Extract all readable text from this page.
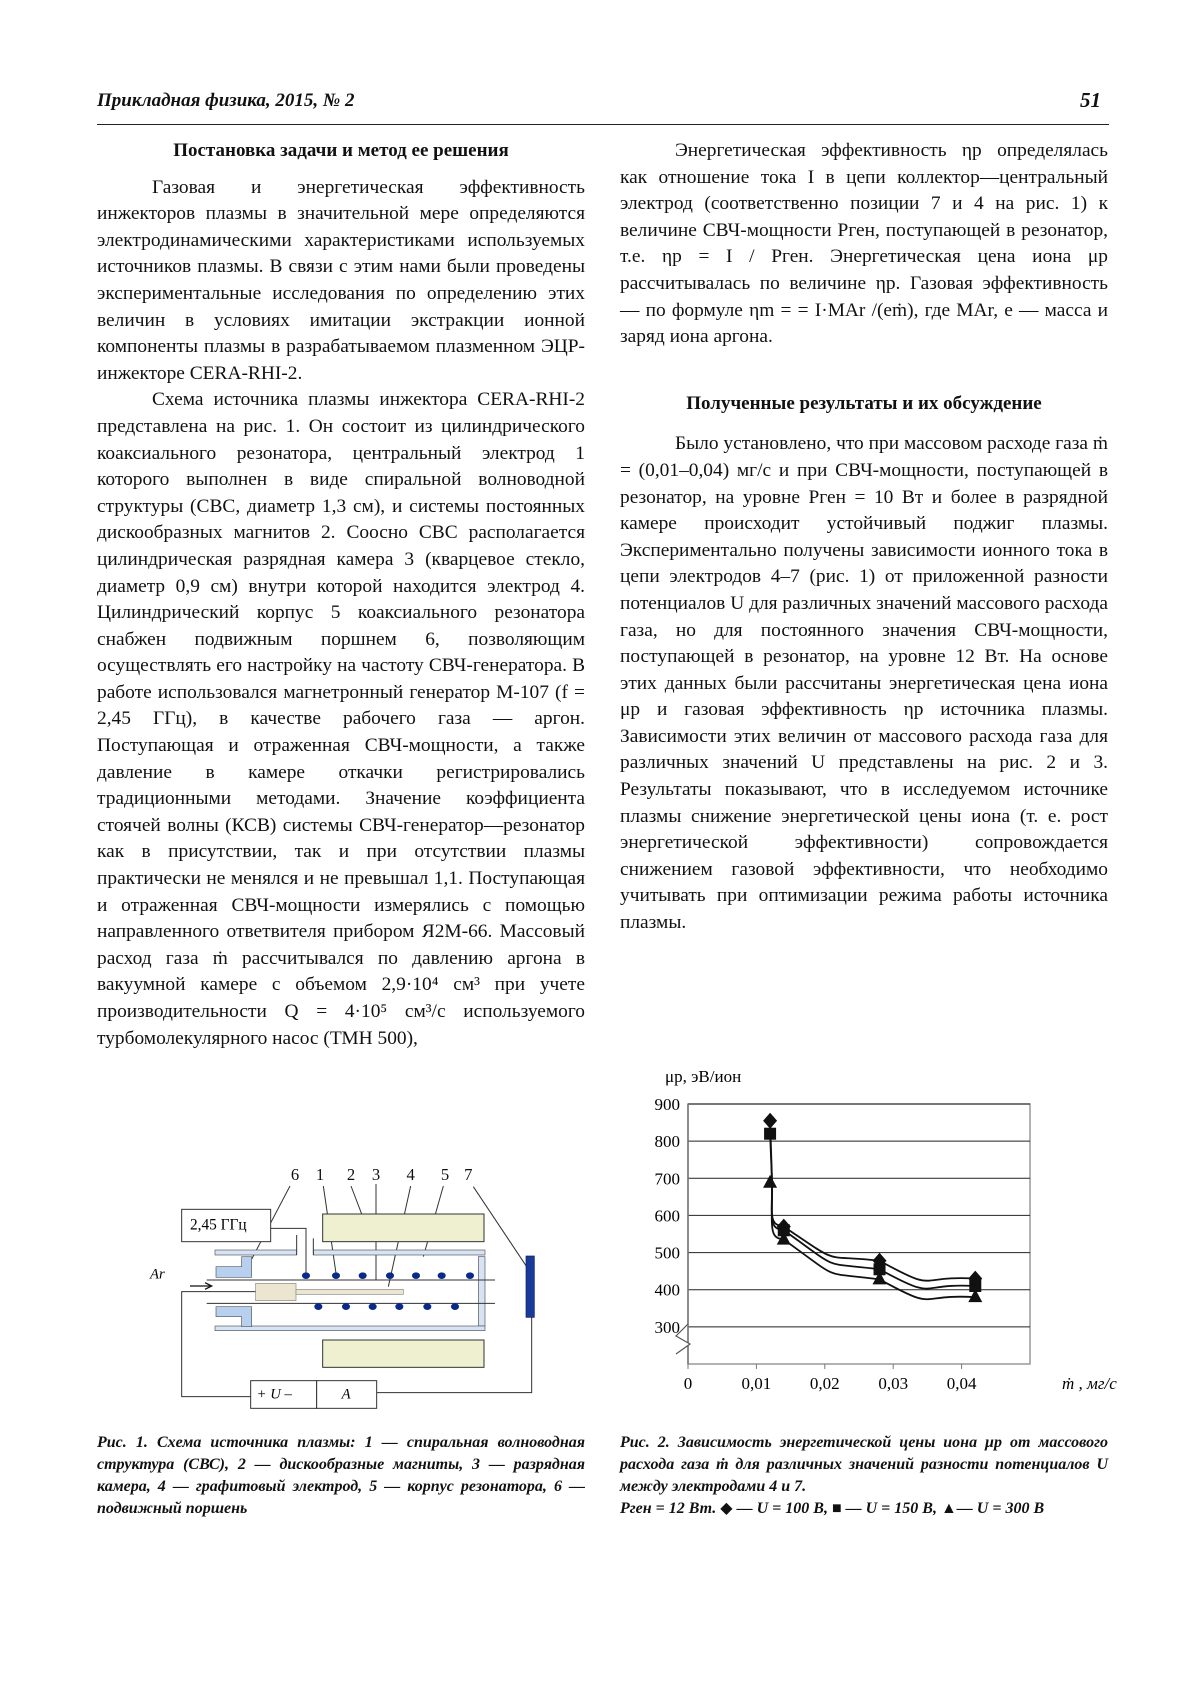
Прикладная физика, 2015, № 2	51
Постановка задачи и метод ее решения

Газовая и энергетическая эффективность инжекторов плазмы в значительной мере определяются электродинамическими характеристиками используемых источников плазмы. В связи с этим нами были проведены экспериментальные исследования по определению этих величин в условиях имитации экстракции ионной компоненты плазмы в разрабатываемом плазменном ЭЦР-инжекторе CERA-RHI-2.

Схема источника плазмы инжектора CERA-RHI-2 представлена на рис. 1. Он состоит из цилиндрического коаксиального резонатора, центральный электрод 1 которого выполнен в виде спиральной волноводной структуры (СВС, диаметр 1,3 см), и системы постоянных дискообразных магнитов 2. Соосно СВС располагается цилиндрическая разрядная камера 3 (кварцевое стекло, диаметр 0,9 см) внутри которой находится электрод 4. Цилиндрический корпус 5 коаксиального резонатора снабжен подвижным поршнем 6, позволяющим осуществлять его настройку на частоту СВЧ-генератора. В работе использовался магнетронный генератор М-107 (f = 2,45 ГГц), в качестве рабочего газа — аргон. Поступающая и отраженная СВЧ-мощности, а также давление в камере откачки регистрировались традиционными методами. Значение коэффициента стоячей волны (КСВ) системы СВЧ-генератор—резонатор как в присутствии, так и при отсутствии плазмы практически не менялся и не превышал 1,1. Поступающая и отраженная СВЧ-мощности измерялись с помощью направленного ответвителя прибором Я2М-66. Массовый расход газа ṁ рассчитывался по давлению аргона в вакуумной камере с объемом 2,9·10⁴ см³ при учете производительности Q = 4·10⁵ см³/с используемого турбомолекулярного насос (ТМН 500),

Энергетическая эффективность ηр определялась как отношение тока I в цепи коллектор—центральный электрод (соответственно позиции 7 и 4 на рис. 1) к величине СВЧ-мощности Pген, поступающей в резонатор, т.е. ηр = I / Pген. Энергетическая цена иона μр рассчитывалась по величине ηр. Газовая эффективность — по формуле ηm = = I·MAr /(eṁ), где MAr, e — масса и заряд иона аргона.

Полученные результаты и их обсуждение

Было установлено, что при массовом расходе газа ṁ = (0,01–0,04) мг/с и при СВЧ-мощности, поступающей в резонатор, на уровне Pген = 10 Вт и более в разрядной камере происходит устойчивый поджиг плазмы. Экспериментально получены зависимости ионного тока в цепи электродов 4–7 (рис. 1) от приложенной разности потенциалов U для различных значений массового расхода газа, но для постоянного значения СВЧ-мощности, поступающей в резонатор, на уровне 12 Вт. На основе этих данных были рассчитаны энергетическая цена иона μр и газовая эффективность ηр источника плазмы. Зависимости этих величин от массового расхода газа для различных значений U представлены на рис. 2 и 3. Результаты показывают, что в исследуемом источнике плазмы снижение энергетической цены иона (т. е. рост энергетической эффективности) сопровождается снижением газовой эффективности, что необходимо учитывать при оптимизации режима работы источника плазмы.

6 1 2 3 4 5 7
2,45 ГГц
Ar
+ U – A
Рис. 1. Схема источника плазмы: 1 — спиральная волноводная структура (СВС), 2 — дискообразные магниты, 3 — разрядная камера, 4 — графитовый электрод, 5 — корпус резонатора, 6 — подвижный поршень
300
400
500
600
700
800
900
0	0,01 0,02 0,03 0,04
μр, эВ/ион
ṁ , мг/с
Рис. 2. Зависимость энергетической цены иона μр от массового расхода газа ṁ для различных значений разности потенциалов U между электродами 4 и 7.
Pген = 12 Вт. ◆ — U = 100 В, ■ — U = 150 В, ▲— U = 300 В
